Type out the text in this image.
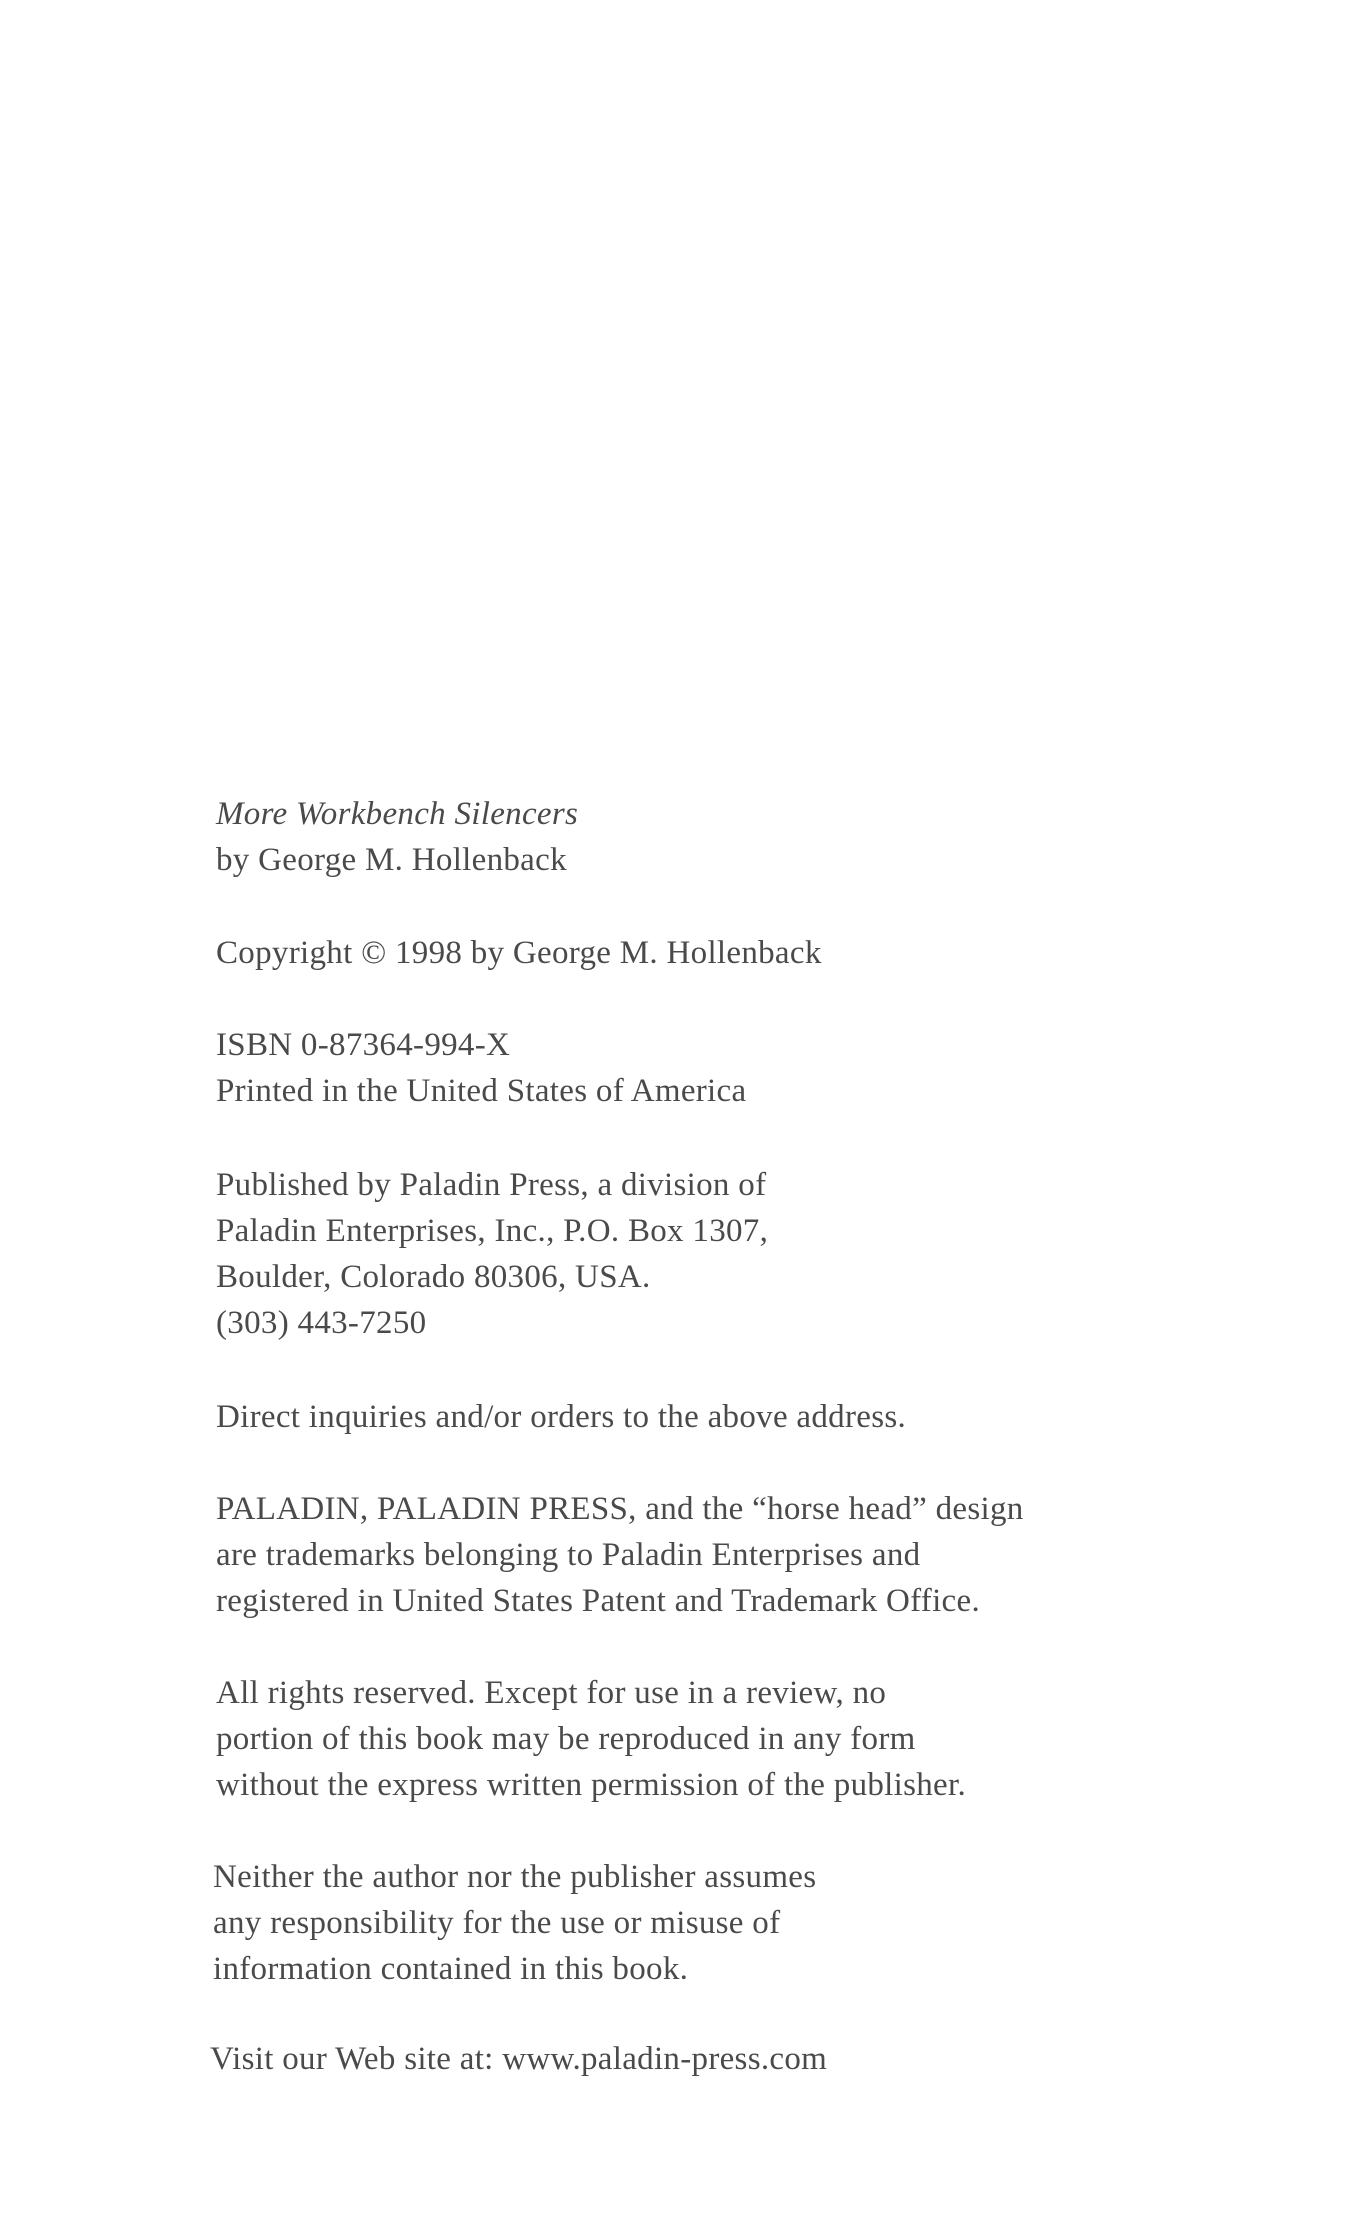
More Workbench Silencers
by George M. Hollenback
Copyright © 1998 by George M. Hollenback
ISBN 0-87364-994-X
Printed in the United States of America
Published by Paladin Press, a division of
Paladin Enterprises, Inc., P.O. Box 1307,
Boulder, Colorado 80306, USA.
(303) 443-7250
Direct inquiries and/or orders to the above address.
PALADIN, PALADIN PRESS, and the “horse head” design
are trademarks belonging to Paladin Enterprises and
registered in United States Patent and Trademark Office.
All rights reserved. Except for use in a review, no
portion of this book may be reproduced in any form
without the express written permission of the publisher.
Neither the author nor the publisher assumes
any responsibility for the use or misuse of
information contained in this book.
Visit our Web site at: www.paladin-press.com
